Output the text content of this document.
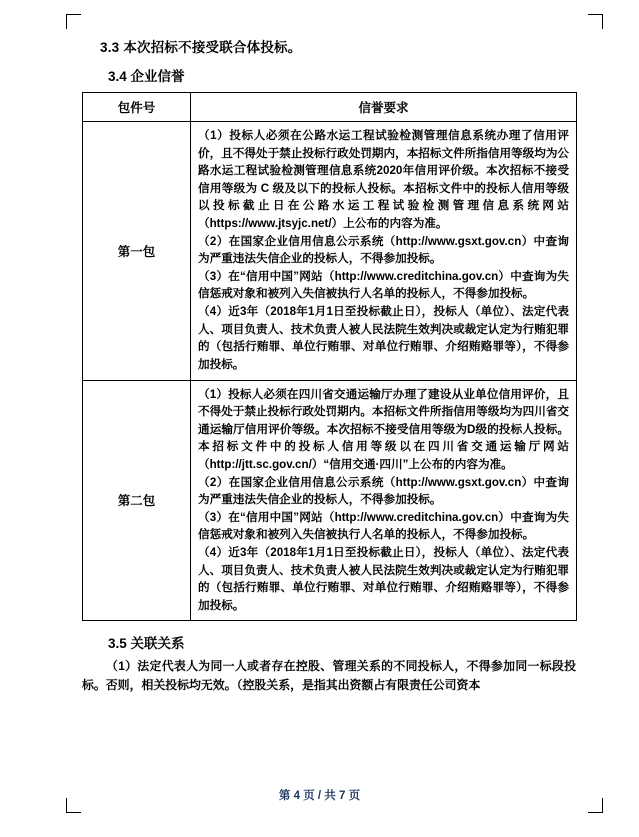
3.3 本次招标不接受联合体投标。
3.4 企业信誉
包件号	信誉要求
第一包	（1）投标人必须在公路水运工程试验检测管理信息系统办理了信用评价，且不得处于禁止投标行政处罚期内，本招标文件所指信用等级均为公路水运工程试验检测管理信息系统2020年信用评价级。本次招标不接受信用等级为 C 级及以下的投标人投标。本招标文件中的投标人信用等级以投标截止日在公路水运工程试验检测管理信息系统网站（https://www.jtsyjc.net/）上公布的内容为准。

（2）在国家企业信用信息公示系统（http://www.gsxt.gov.cn）中查询为严重违法失信企业的投标人，不得参加投标。

（3）在“信用中国”网站（http://www.creditchina.gov.cn）中查询为失信惩戒对象和被列入失信被执行人名单的投标人，不得参加投标。

（4）近3年（2018年1月1日至投标截止日），投标人（单位）、法定代表人、项目负责人、技术负责人被人民法院生效判决或裁定认定为行贿犯罪的（包括行贿罪、单位行贿罪、对单位行贿罪、介绍贿赂罪等），不得参加投标。

第二包	（1）投标人必须在四川省交通运输厅办理了建设从业单位信用评价，且不得处于禁止投标行政处罚期内。本招标文件所指信用等级均为四川省交通运输厅信用评价等级。本次招标不接受信用等级为D级的投标人投标。本招标文件中的投标人信用等级以在四川省交通运输厅网站（http://jtt.sc.gov.cn/）“信用交通·四川”上公布的内容为准。

（2）在国家企业信用信息公示系统（http://www.gsxt.gov.cn）中查询为严重违法失信企业的投标人，不得参加投标。

（3）在“信用中国”网站（http://www.creditchina.gov.cn）中查询为失信惩戒对象和被列入失信被执行人名单的投标人，不得参加投标。

（4）近3年（2018年1月1日至投标截止日），投标人（单位）、法定代表人、项目负责人、技术负责人被人民法院生效判决或裁定认定为行贿犯罪的（包括行贿罪、单位行贿罪、对单位行贿罪、介绍贿赂罪等），不得参加投标。

3.5 关联关系
（1）法定代表人为同一人或者存在控股、管理关系的不同投标人，不得参加同一标段投标。否则，相关投标均无效。（控股关系，是指其出资额占有限责任公司资本
第 4 页 / 共 7 页
